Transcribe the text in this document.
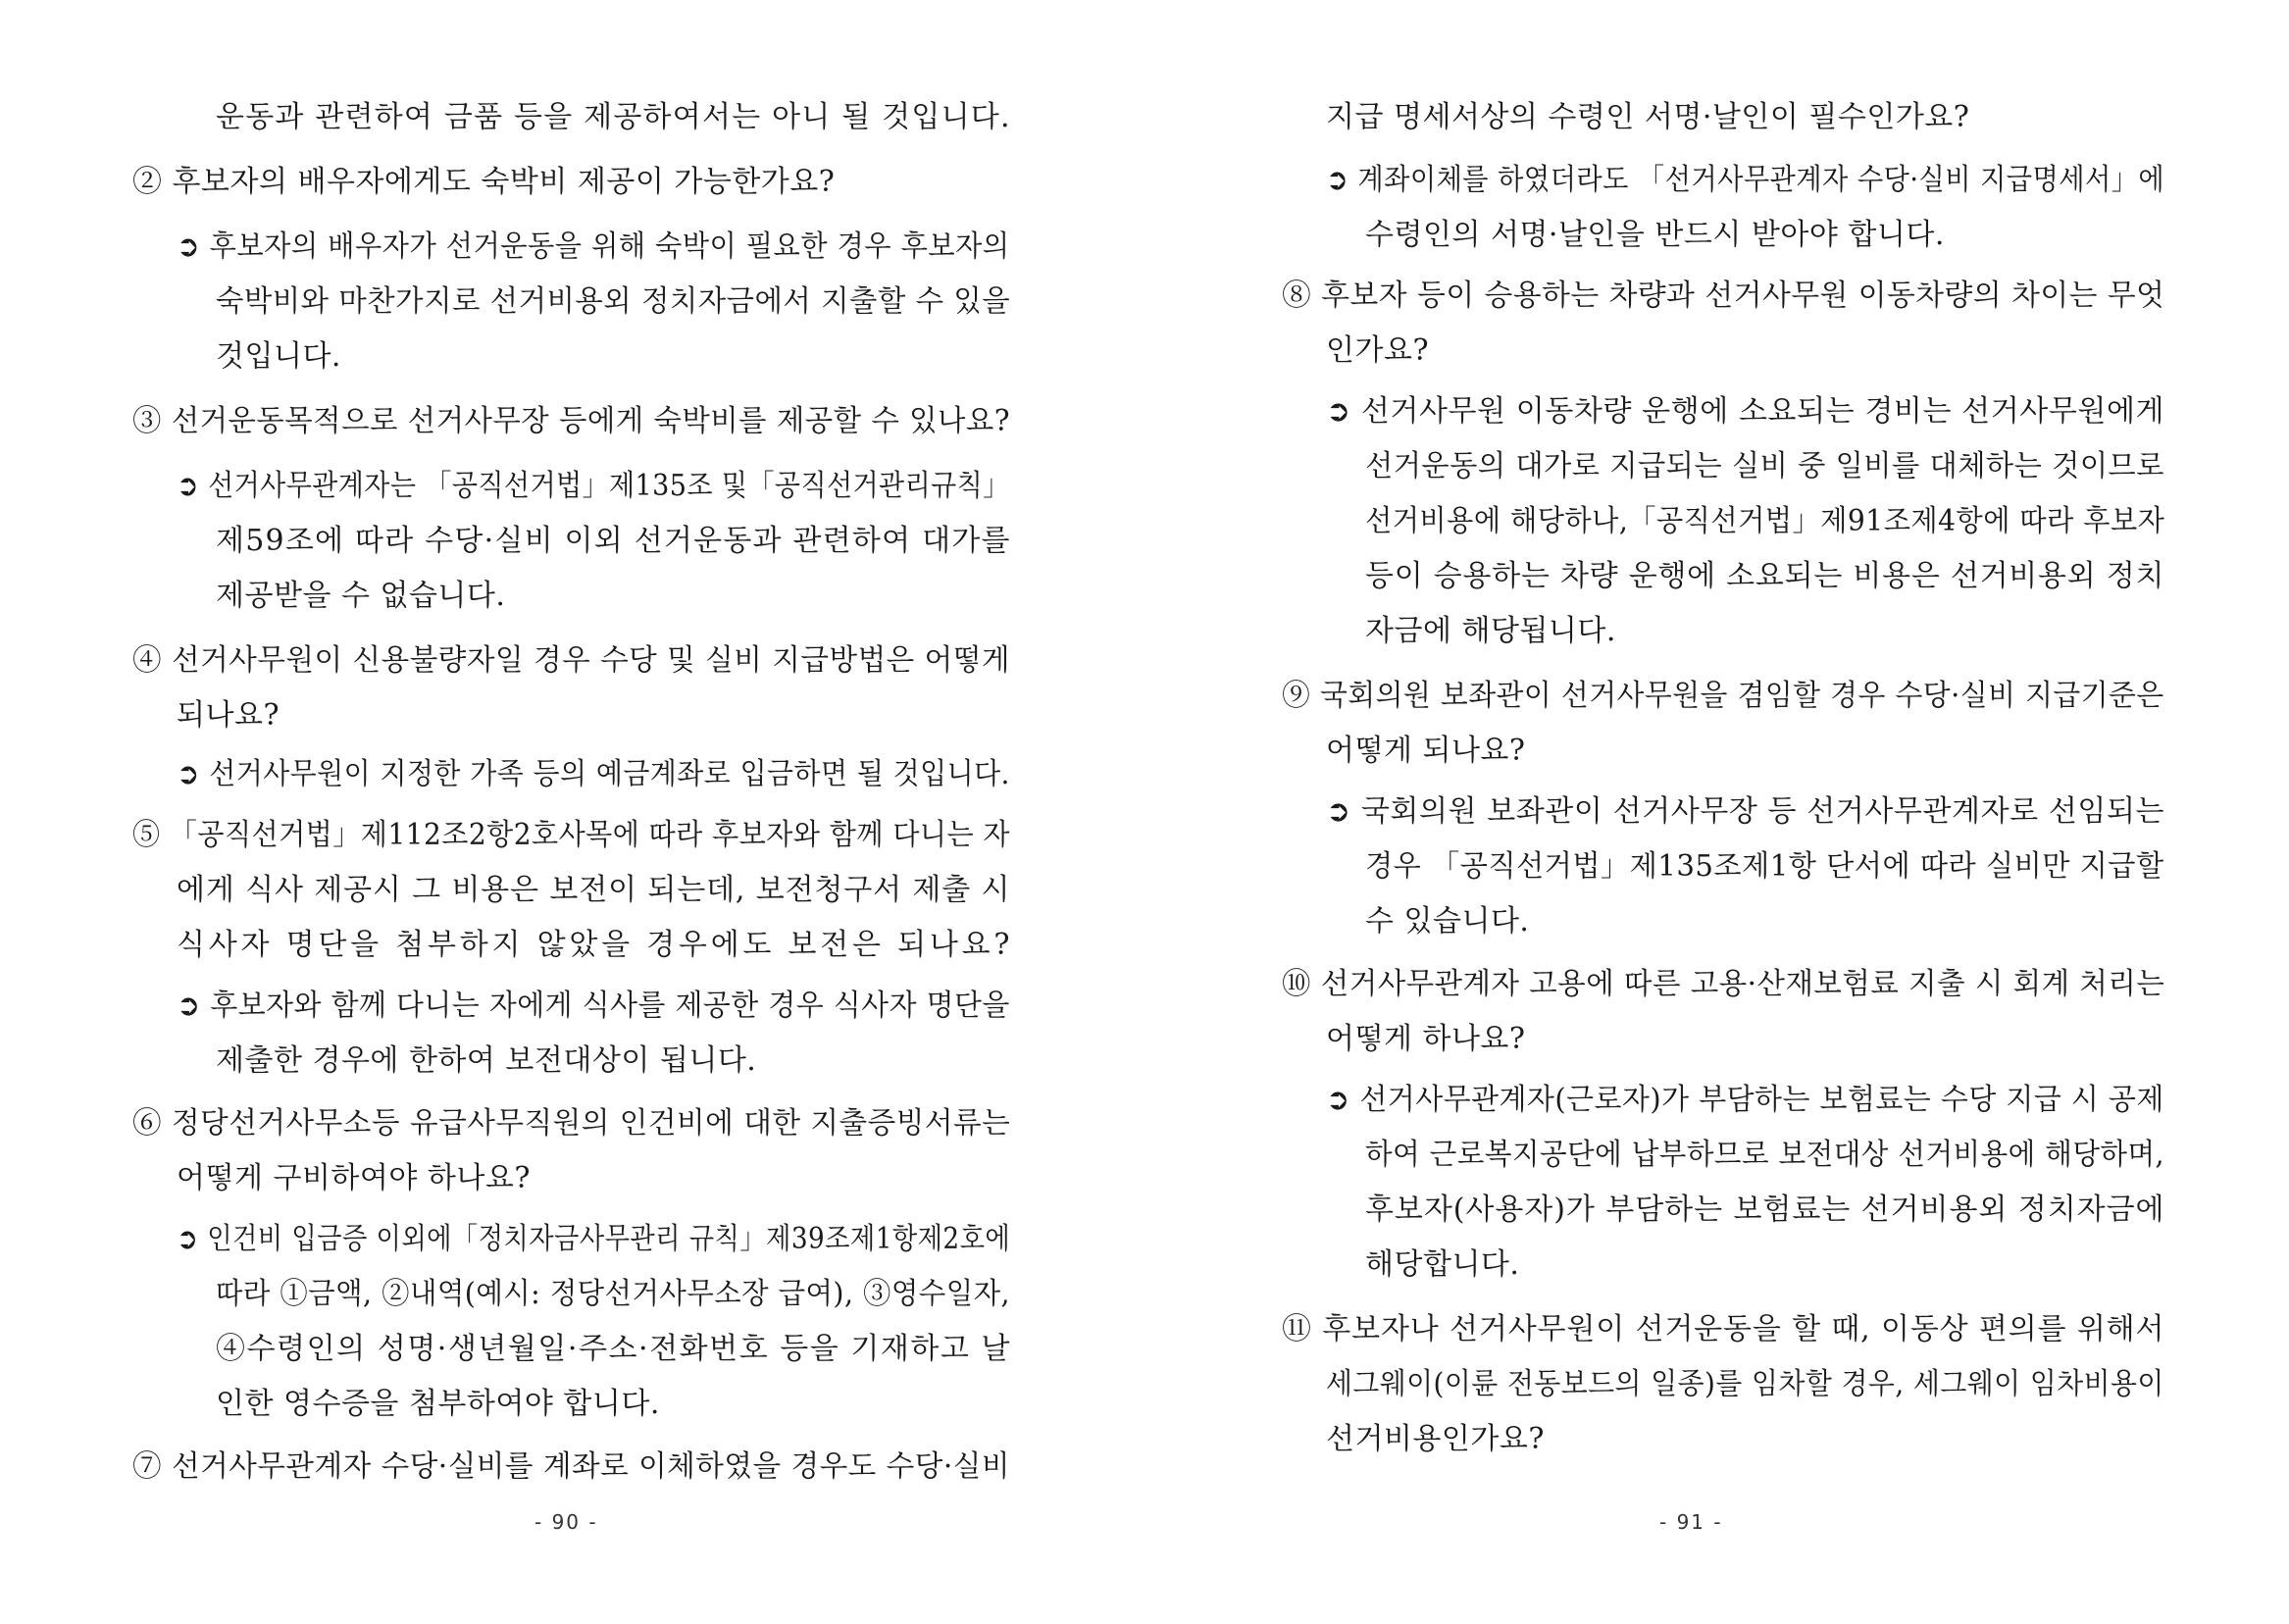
운동과 관련하여 금품 등을 제공하여서는 아니 될 것입니다.
② 후보자의 배우자에게도 숙박비 제공이 가능한가요?
➲ 후보자의 배우자가 선거운동을 위해 숙박이 필요한 경우 후보자의
숙박비와 마찬가지로 선거비용외 정치자금에서 지출할 수 있을
것입니다.
③ 선거운동목적으로 선거사무장 등에게 숙박비를 제공할 수 있나요?
➲ 선거사무관계자는 「공직선거법」제135조 및「공직선거관리규칙」
제59조에 따라 수당·실비 이외 선거운동과 관련하여 대가를
제공받을 수 없습니다.
④ 선거사무원이 신용불량자일 경우 수당 및 실비 지급방법은 어떻게
되나요?
➲ 선거사무원이 지정한 가족 등의 예금계좌로 입금하면 될 것입니다.
⑤ 「공직선거법」제112조2항2호사목에 따라 후보자와 함께 다니는 자
에게 식사 제공시 그 비용은 보전이 되는데, 보전청구서 제출 시
식사자 명단을 첨부하지 않았을 경우에도 보전은 되나요?
➲ 후보자와 함께 다니는 자에게 식사를 제공한 경우 식사자 명단을
제출한 경우에 한하여 보전대상이 됩니다.
⑥ 정당선거사무소등 유급사무직원의 인건비에 대한 지출증빙서류는
어떻게 구비하여야 하나요?
➲ 인건비 입금증 이외에「정치자금사무관리 규칙」제39조제1항제2호에
따라 ①금액, ②내역(예시: 정당선거사무소장 급여), ③영수일자,
④수령인의 성명·생년월일·주소·전화번호 등을 기재하고 날
인한 영수증을 첨부하여야 합니다.
⑦ 선거사무관계자 수당·실비를 계좌로 이체하였을 경우도 수당·실비
- 90 -
지급 명세서상의 수령인 서명·날인이 필수인가요?
➲ 계좌이체를 하였더라도 「선거사무관계자 수당·실비 지급명세서」에
수령인의 서명·날인을 반드시 받아야 합니다.
⑧ 후보자 등이 승용하는 차량과 선거사무원 이동차량의 차이는 무엇
인가요?
➲ 선거사무원 이동차량 운행에 소요되는 경비는 선거사무원에게
선거운동의 대가로 지급되는 실비 중 일비를 대체하는 것이므로
선거비용에 해당하나,「공직선거법」제91조제4항에 따라 후보자
등이 승용하는 차량 운행에 소요되는 비용은 선거비용외 정치
자금에 해당됩니다.
⑨ 국회의원 보좌관이 선거사무원을 겸임할 경우 수당·실비 지급기준은
어떻게 되나요?
➲ 국회의원 보좌관이 선거사무장 등 선거사무관계자로 선임되는
경우 「공직선거법」제135조제1항 단서에 따라 실비만 지급할
수 있습니다.
⑩ 선거사무관계자 고용에 따른 고용·산재보험료 지출 시 회계 처리는
어떻게 하나요?
➲ 선거사무관계자(근로자)가 부담하는 보험료는 수당 지급 시 공제
하여 근로복지공단에 납부하므로 보전대상 선거비용에 해당하며,
후보자(사용자)가 부담하는 보험료는 선거비용외 정치자금에
해당합니다.
⑪ 후보자나 선거사무원이 선거운동을 할 때, 이동상 편의를 위해서
세그웨이(이륜 전동보드의 일종)를 임차할 경우, 세그웨이 임차비용이
선거비용인가요?
- 91 -
